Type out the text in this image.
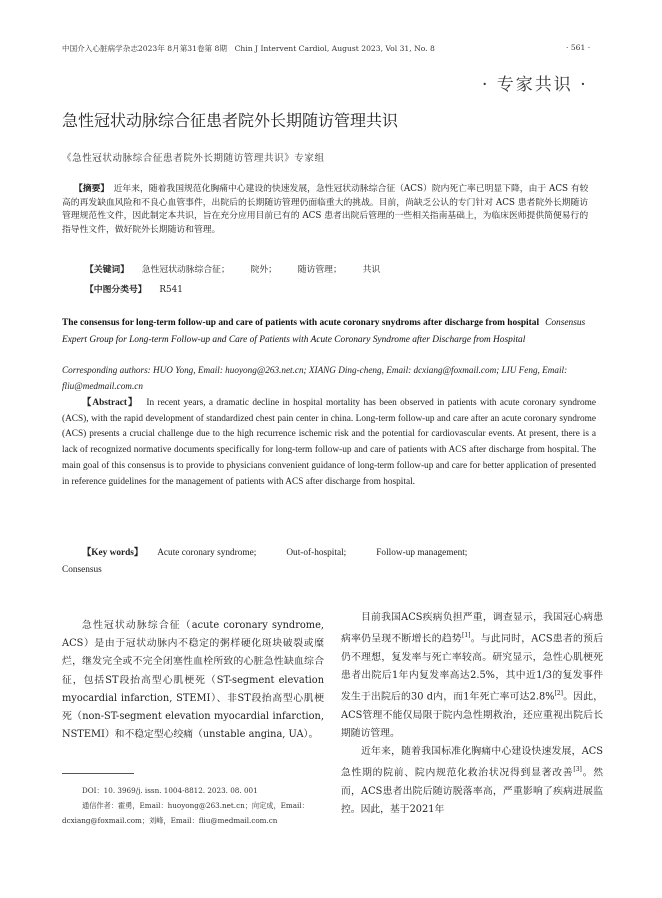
中国介入心脏病学杂志2023年 8月第31卷第 8期　Chin J Intervent Cardiol, August 2023, Vol 31, No. 8	· 561 ·
· 专家共识 ·
急性冠状动脉综合征患者院外长期随访管理共识
《急性冠状动脉综合征患者院外长期随访管理共识》专家组

【摘要】　 近年来，随着我国规范化胸痛中心建设的快速发展，急性冠状动脉综合征（ACS）院内死亡率已明显下降，由于 ACS 有较高的再发缺血风险和不良心血管事件，出院后的长期随访管理仍面临重大的挑战。目前，尚缺乏公认的专门针对 ACS 患者院外长期随访管理规范性文件，因此制定本共识，旨在充分应用目前已有的 ACS 患者出院后管理的一些相关指南基础上，为临床医师提供简便易行的指导性文件，做好院外长期随访和管理。

【关键词】 急性冠状动脉综合征； 院外； 随访管理； 共识
【中图分类号】 R541
The consensus for long-term follow-up and care of patients with acute coronary snydroms after discharge from hospital Consensus Expert Group for Long-term Follow-up and Care of Patients with Acute Coronary Syndrome after Discharge from Hospital
Corresponding authors: HUO Yong, Email: huoyong@263.net.cn; XIANG Ding-cheng, Email: dcxiang@foxmail.com; LIU Feng, Email: fliu@medmail.com.cn

【Abstract】 In recent years, a dramatic decline in hospital mortality has been observed in patients with acute coronary syndrome (ACS), with the rapid development of standardized chest pain center in china. Long-term follow-up and care after an acute coronary syndrome (ACS) presents a crucial challenge due to the high recurrence ischemic risk and the potential for cardiovascular events. At present, there is a lack of recognized normative documents specifically for long-term follow-up and care of patients with ACS after discharge from hospital. The main goal of this consensus is to provide to physicians convenient guidance of long-term follow-up and care for better application of presented in reference guidelines for the management of patients with ACS after discharge from hospital.

【Key words】 Acute coronary syndrome;	Out-of-hospital;	Follow-up management;

Consensus

急性冠状动脉综合征（acute coronary syndrome, ACS）是由于冠状动脉内不稳定的粥样硬化斑块破裂或糜烂，继发完全或不完全闭塞性血栓所致的心脏急性缺血综合征，包括ST段抬高型心肌梗死（ST-segment elevation myocardial infarction, STEMI）、非ST段抬高型心肌梗死（non-ST-segment elevation myocardial infarction, NSTEMI）和不稳定型心绞痛（unstable angina, UA）。

目前我国ACS疾病负担严重，调查显示，我国冠心病患病率仍呈现不断增长的趋势[1]。与此同时，ACS患者的预后仍不理想，复发率与死亡率较高。研究显示，急性心肌梗死患者出院后1年内复发率高达2.5%，其中近1/3的复发事件发生于出院后的30 d内，而1年死亡率可达2.8%[2]。因此，ACS管理不能仅局限于院内急性期救治，还应重视出院后长期随访管理。

近年来，随着我国标准化胸痛中心建设快速发展，ACS急性期的院前、院内规范化救治状况得到显著改善[3]。然而，ACS患者出院后随访脱落率高，严重影响了疾病进展监控。因此，基于2021年

DOI：10. 3969/j. issn. 1004-8812. 2023. 08. 001

通信作者：霍勇，Email：huoyong@263.net.cn；向定成，Email：dcxiang@foxmail.com；刘峰，Email：fliu@medmail.com.cn
